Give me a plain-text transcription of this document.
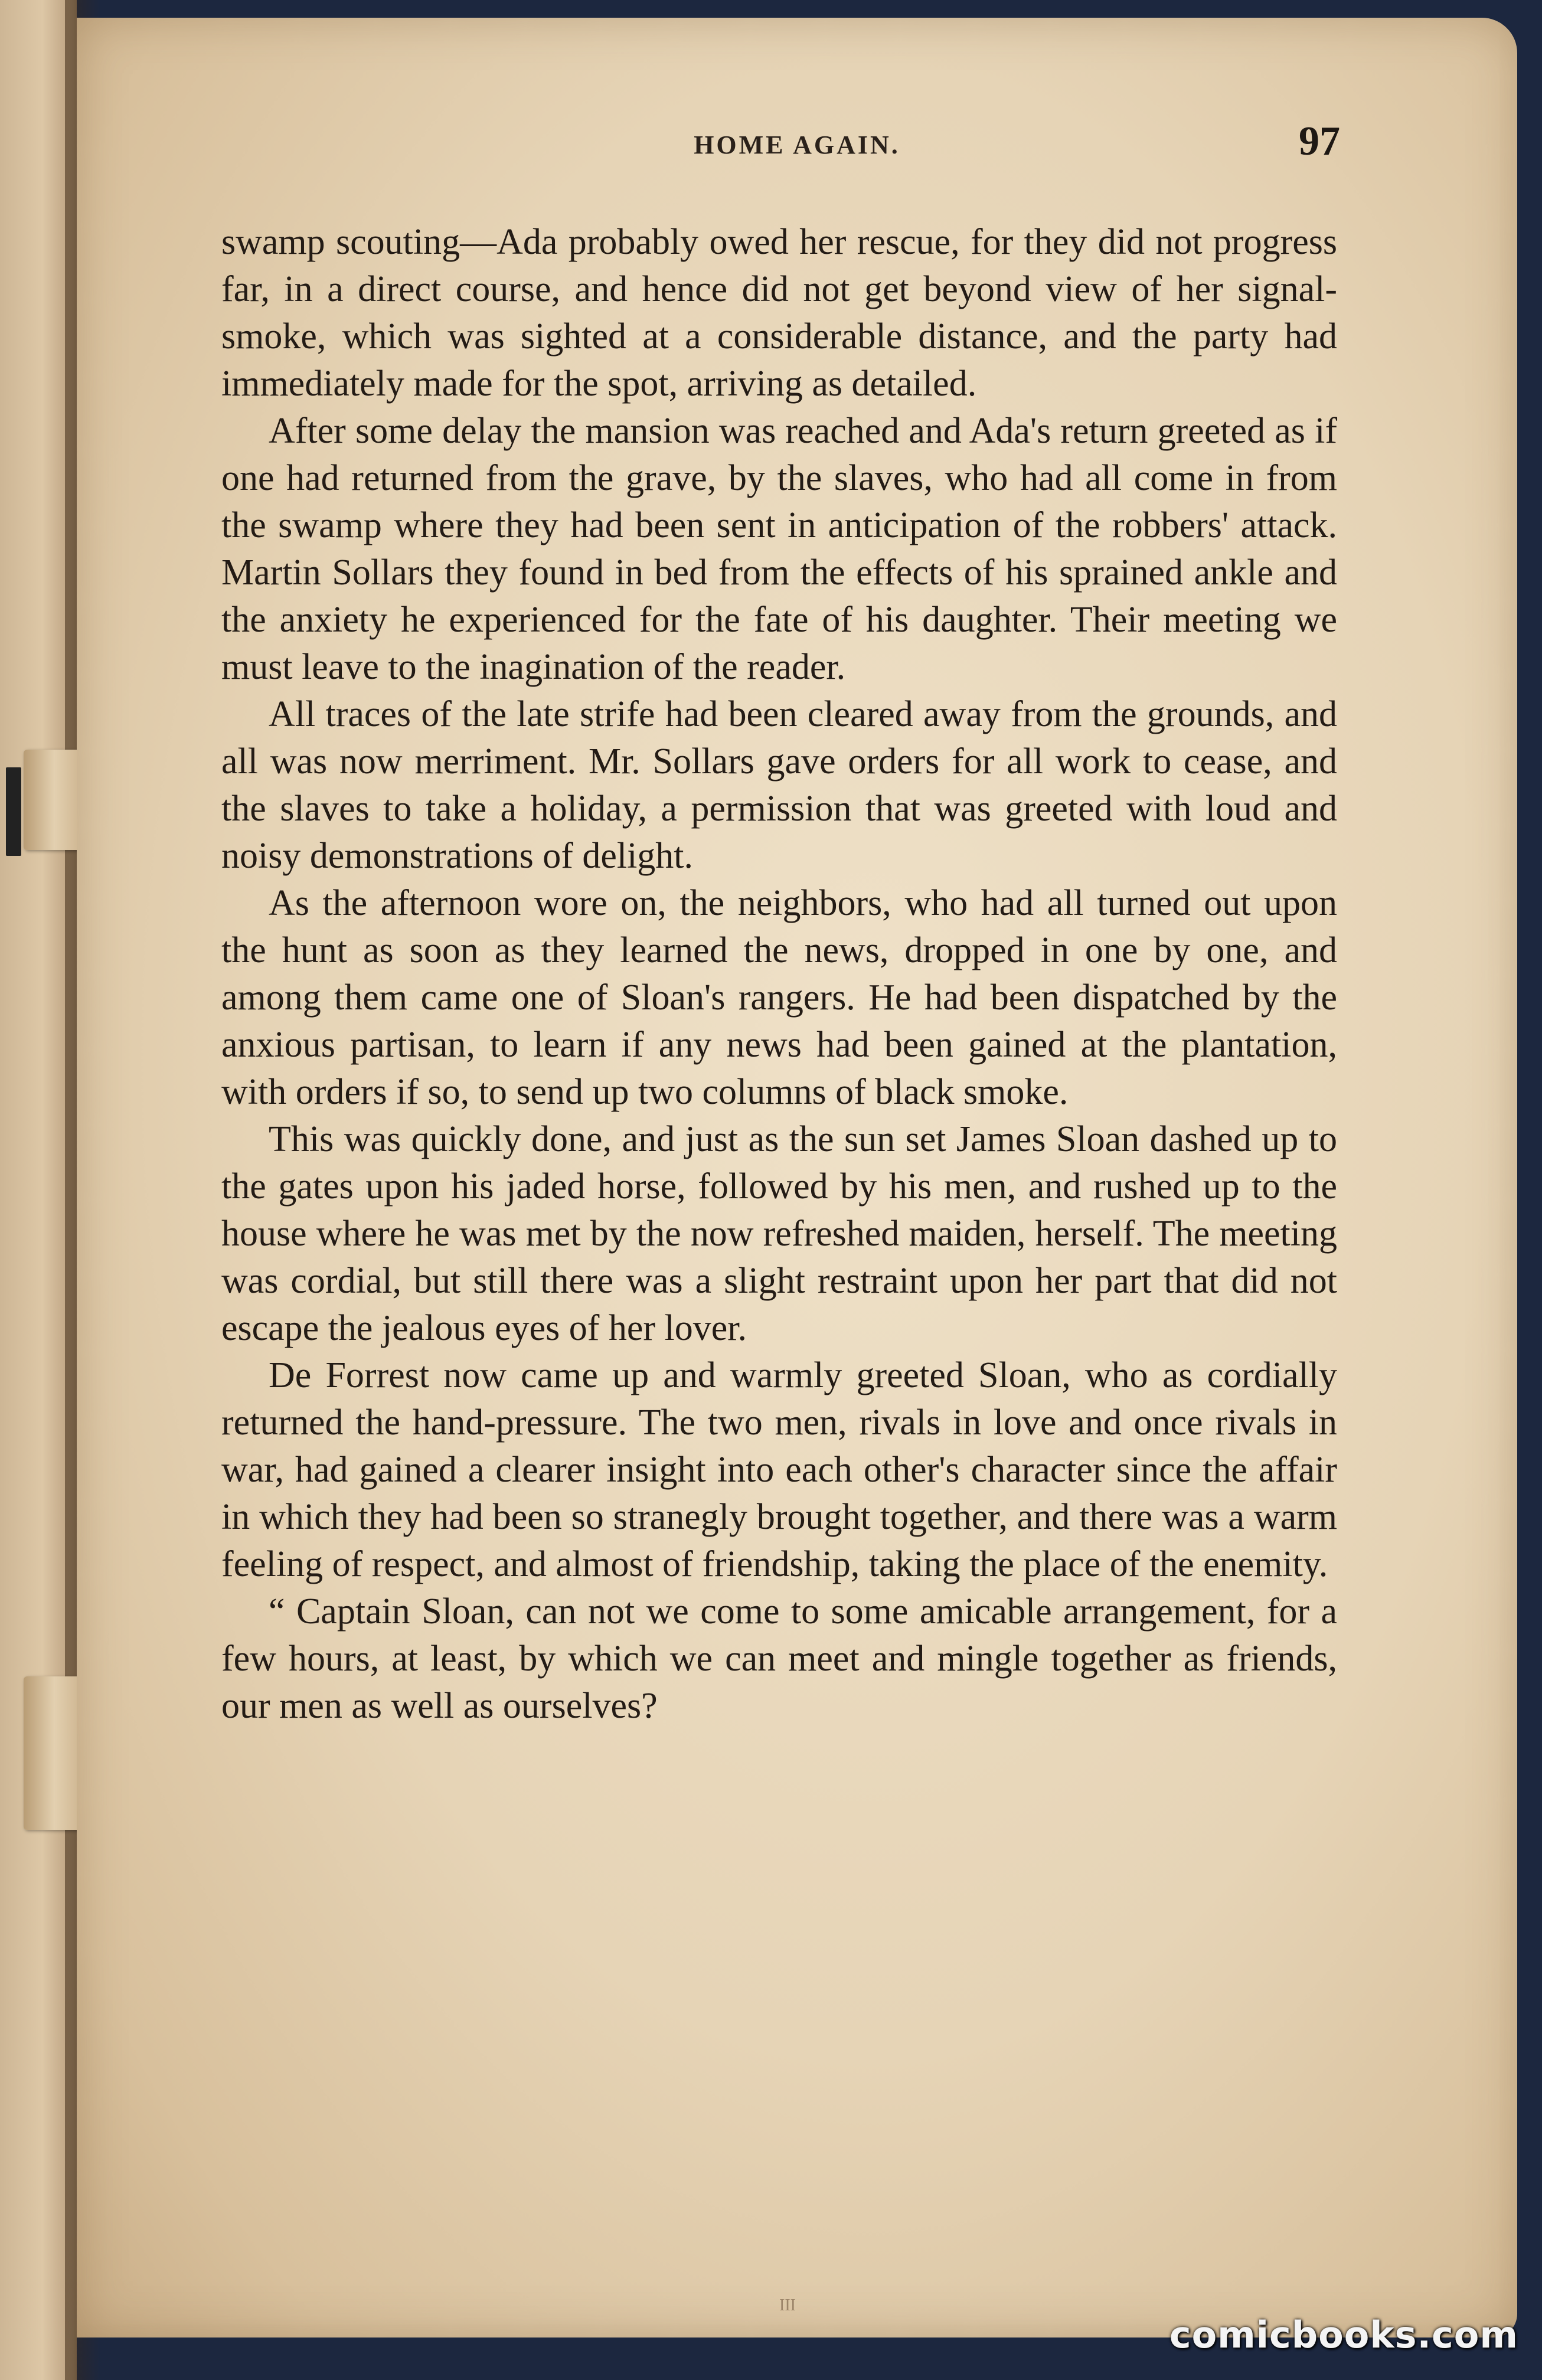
HOME AGAIN.	97

swamp scouting—Ada probably owed her rescue, for they did not progress far, in a direct course, and hence did not get beyond view of her signal-smoke, which was sighted at a considerable distance, and the party had immediately made for the spot, arriving as detailed.

After some delay the mansion was reached and Ada's return greeted as if one had returned from the grave, by the slaves, who had all come in from the swamp where they had been sent in anticipation of the robbers' attack. Martin Sollars they found in bed from the effects of his sprained ankle and the anxiety he experienced for the fate of his daughter. Their meeting we must leave to the inagination of the reader.

All traces of the late strife had been cleared away from the grounds, and all was now merriment. Mr. Sollars gave orders for all work to cease, and the slaves to take a holiday, a permission that was greeted with loud and noisy demonstrations of delight.

As the afternoon wore on, the neighbors, who had all turned out upon the hunt as soon as they learned the news, dropped in one by one, and among them came one of Sloan's rangers. He had been dispatched by the anxious partisan, to learn if any news had been gained at the plantation, with orders if so, to send up two columns of black smoke.

This was quickly done, and just as the sun set James Sloan dashed up to the gates upon his jaded horse, followed by his men, and rushed up to the house where he was met by the now refreshed maiden, herself. The meeting was cordial, but still there was a slight restraint upon her part that did not escape the jealous eyes of her lover.

De Forrest now came up and warmly greeted Sloan, who as cordially returned the hand-pressure. The two men, rivals in love and once rivals in war, had gained a clearer insight into each other's character since the affair in which they had been so stranegly brought together, and there was a warm feeling of respect, and almost of friendship, taking the place of the enemity.

“ Captain Sloan, can not we come to some amicable arrangement, for a few hours, at least, by which we can meet and mingle together as friends, our men as well as ourselves?

III
comicbooks.com
